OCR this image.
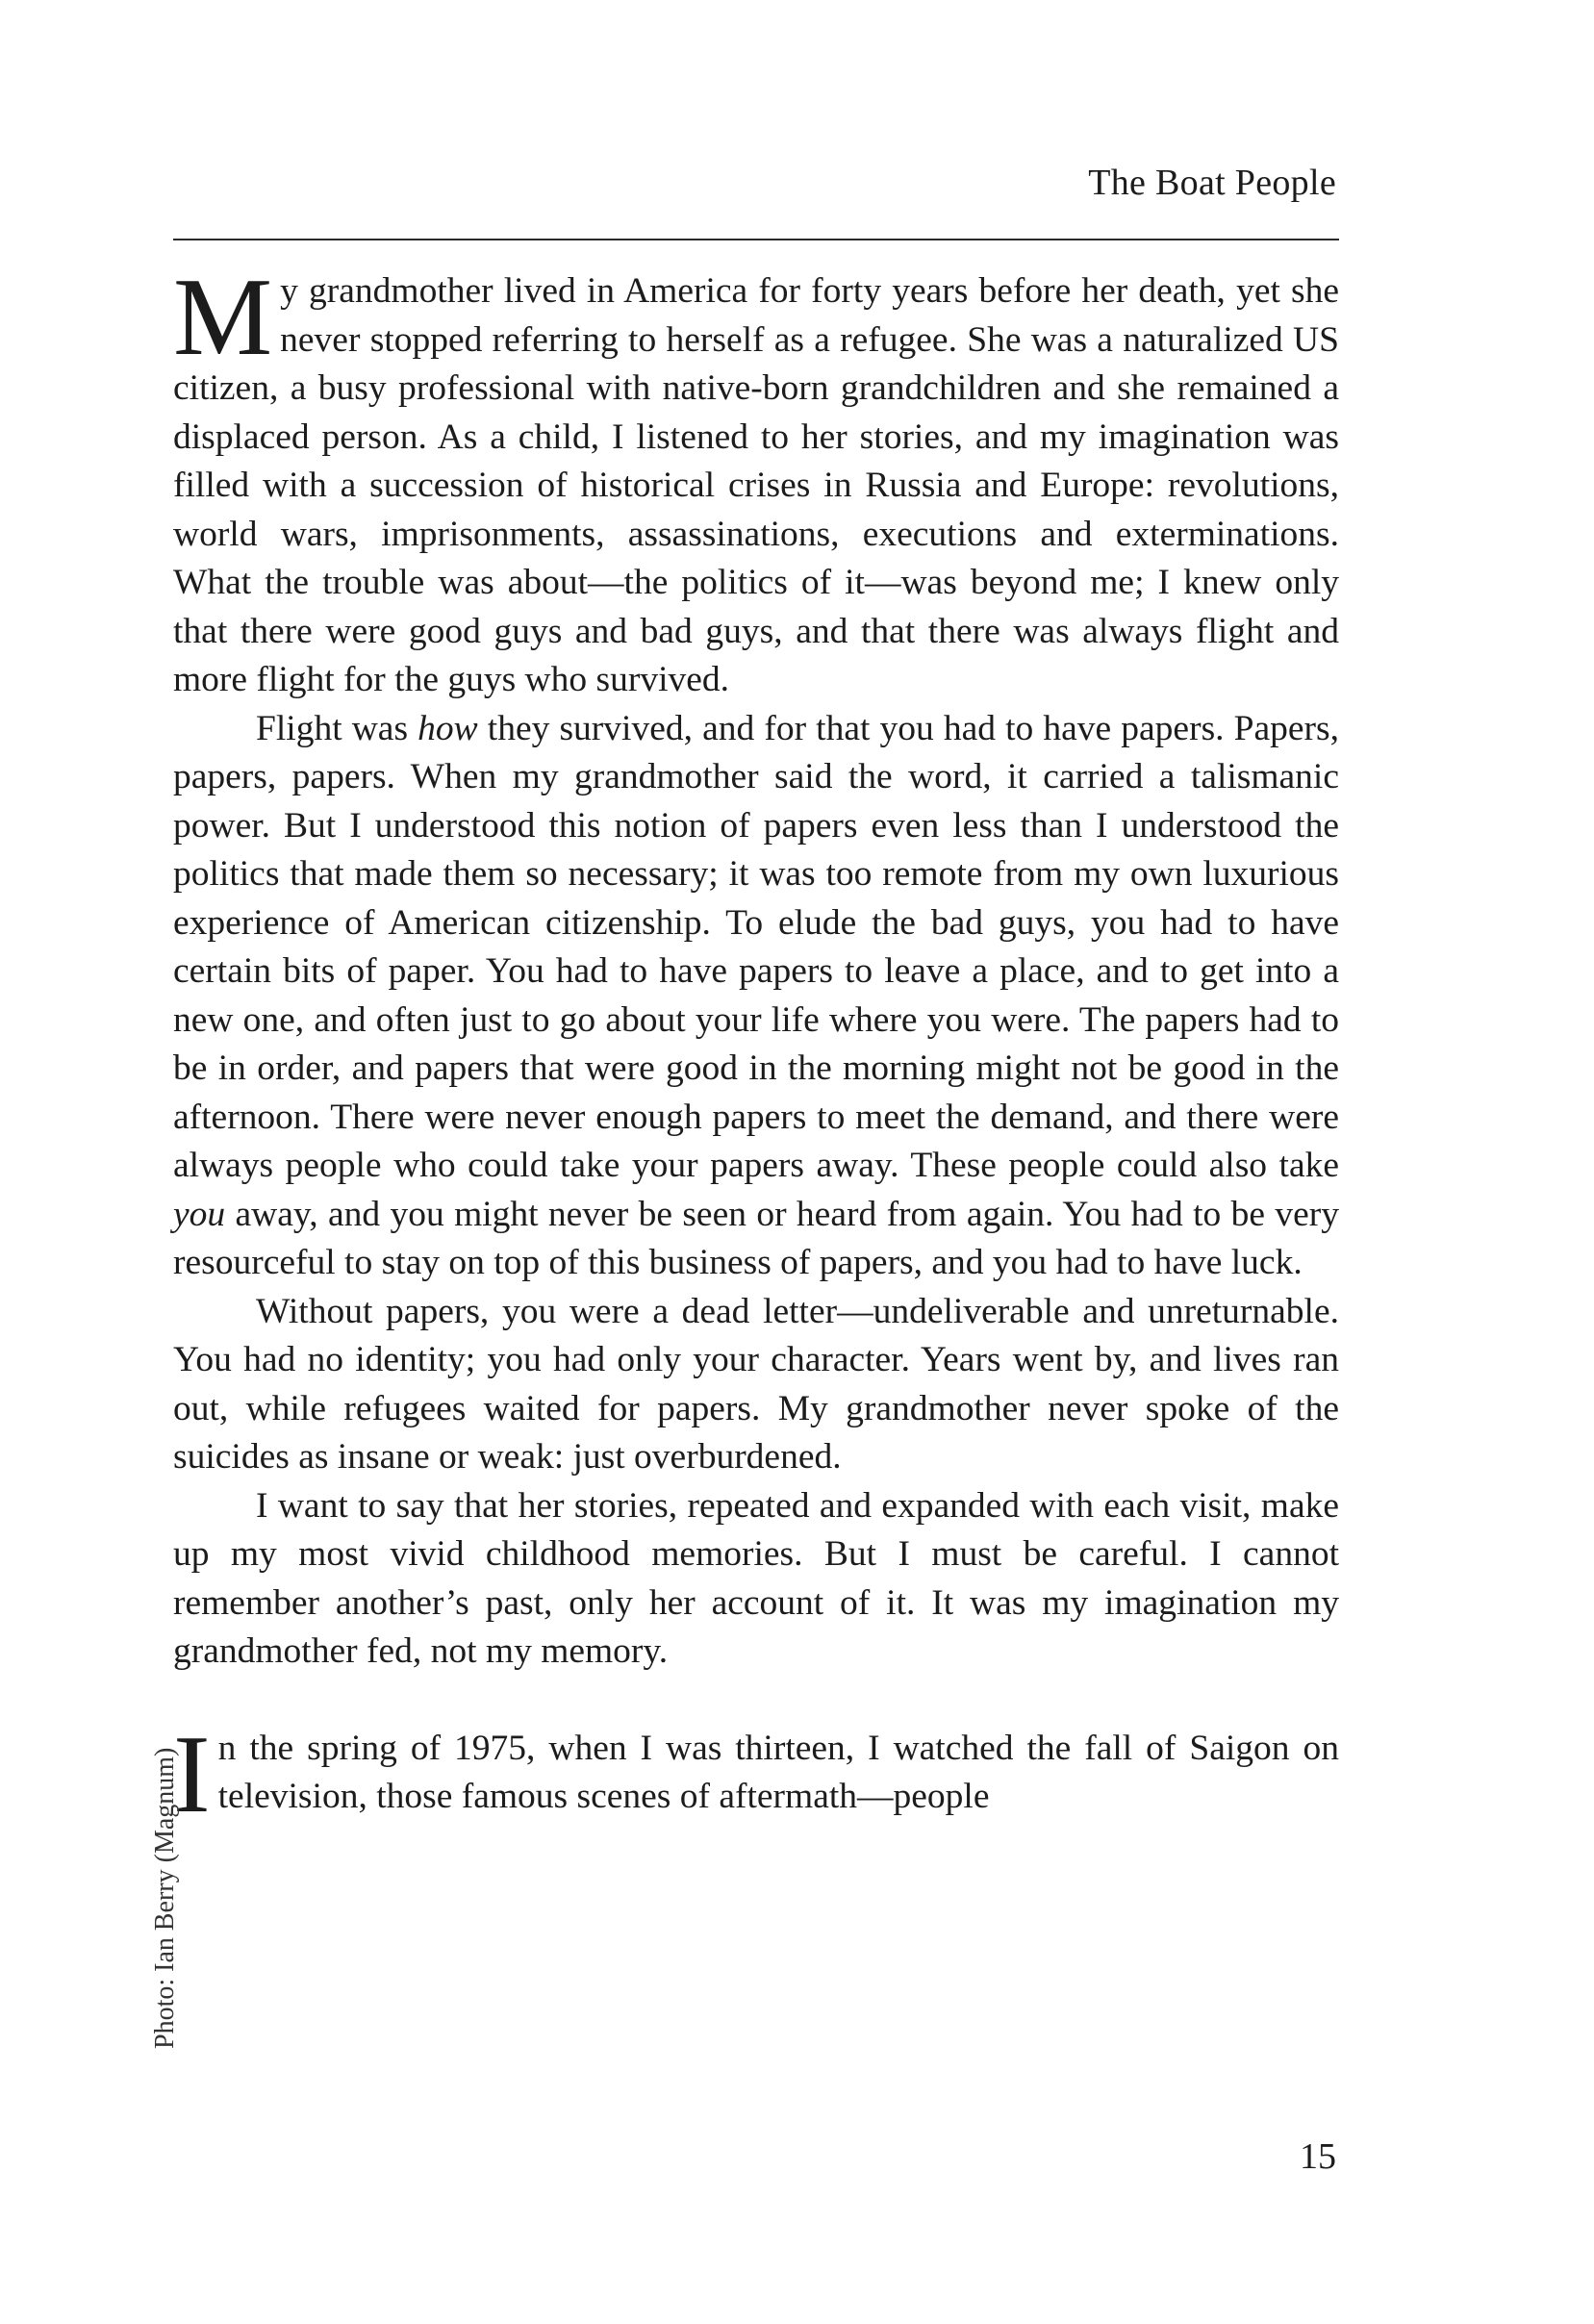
The Boat People

My grandmother lived in America for forty years before her death, yet she never stopped referring to herself as a refugee. She was a naturalized US citizen, a busy professional with native-born grandchildren and she remained a displaced person. As a child, I listened to her stories, and my imagination was filled with a succession of historical crises in Russia and Europe: revolutions, world wars, imprisonments, assassinations, executions and exterminations. What the trouble was about—the politics of it—was beyond me; I knew only that there were good guys and bad guys, and that there was always flight and more flight for the guys who survived.

Flight was how they survived, and for that you had to have papers. Papers, papers, papers. When my grandmother said the word, it carried a talismanic power. But I understood this notion of papers even less than I understood the politics that made them so necessary; it was too remote from my own luxurious experience of American citizenship. To elude the bad guys, you had to have certain bits of paper. You had to have papers to leave a place, and to get into a new one, and often just to go about your life where you were. The papers had to be in order, and papers that were good in the morning might not be good in the afternoon. There were never enough papers to meet the demand, and there were always people who could take your papers away. These people could also take you away, and you might never be seen or heard from again. You had to be very resourceful to stay on top of this business of papers, and you had to have luck.

Without papers, you were a dead letter—undeliverable and unreturnable. You had no identity; you had only your character. Years went by, and lives ran out, while refugees waited for papers. My grandmother never spoke of the suicides as insane or weak: just overburdened.

I want to say that her stories, repeated and expanded with each visit, make up my most vivid childhood memories. But I must be careful. I cannot remember another’s past, only her account of it. It was my imagination my grandmother fed, not my memory.

In the spring of 1975, when I was thirteen, I watched the fall of Saigon on television, those famous scenes of aftermath—people

Photo: Ian Berry (Magnum)
15
